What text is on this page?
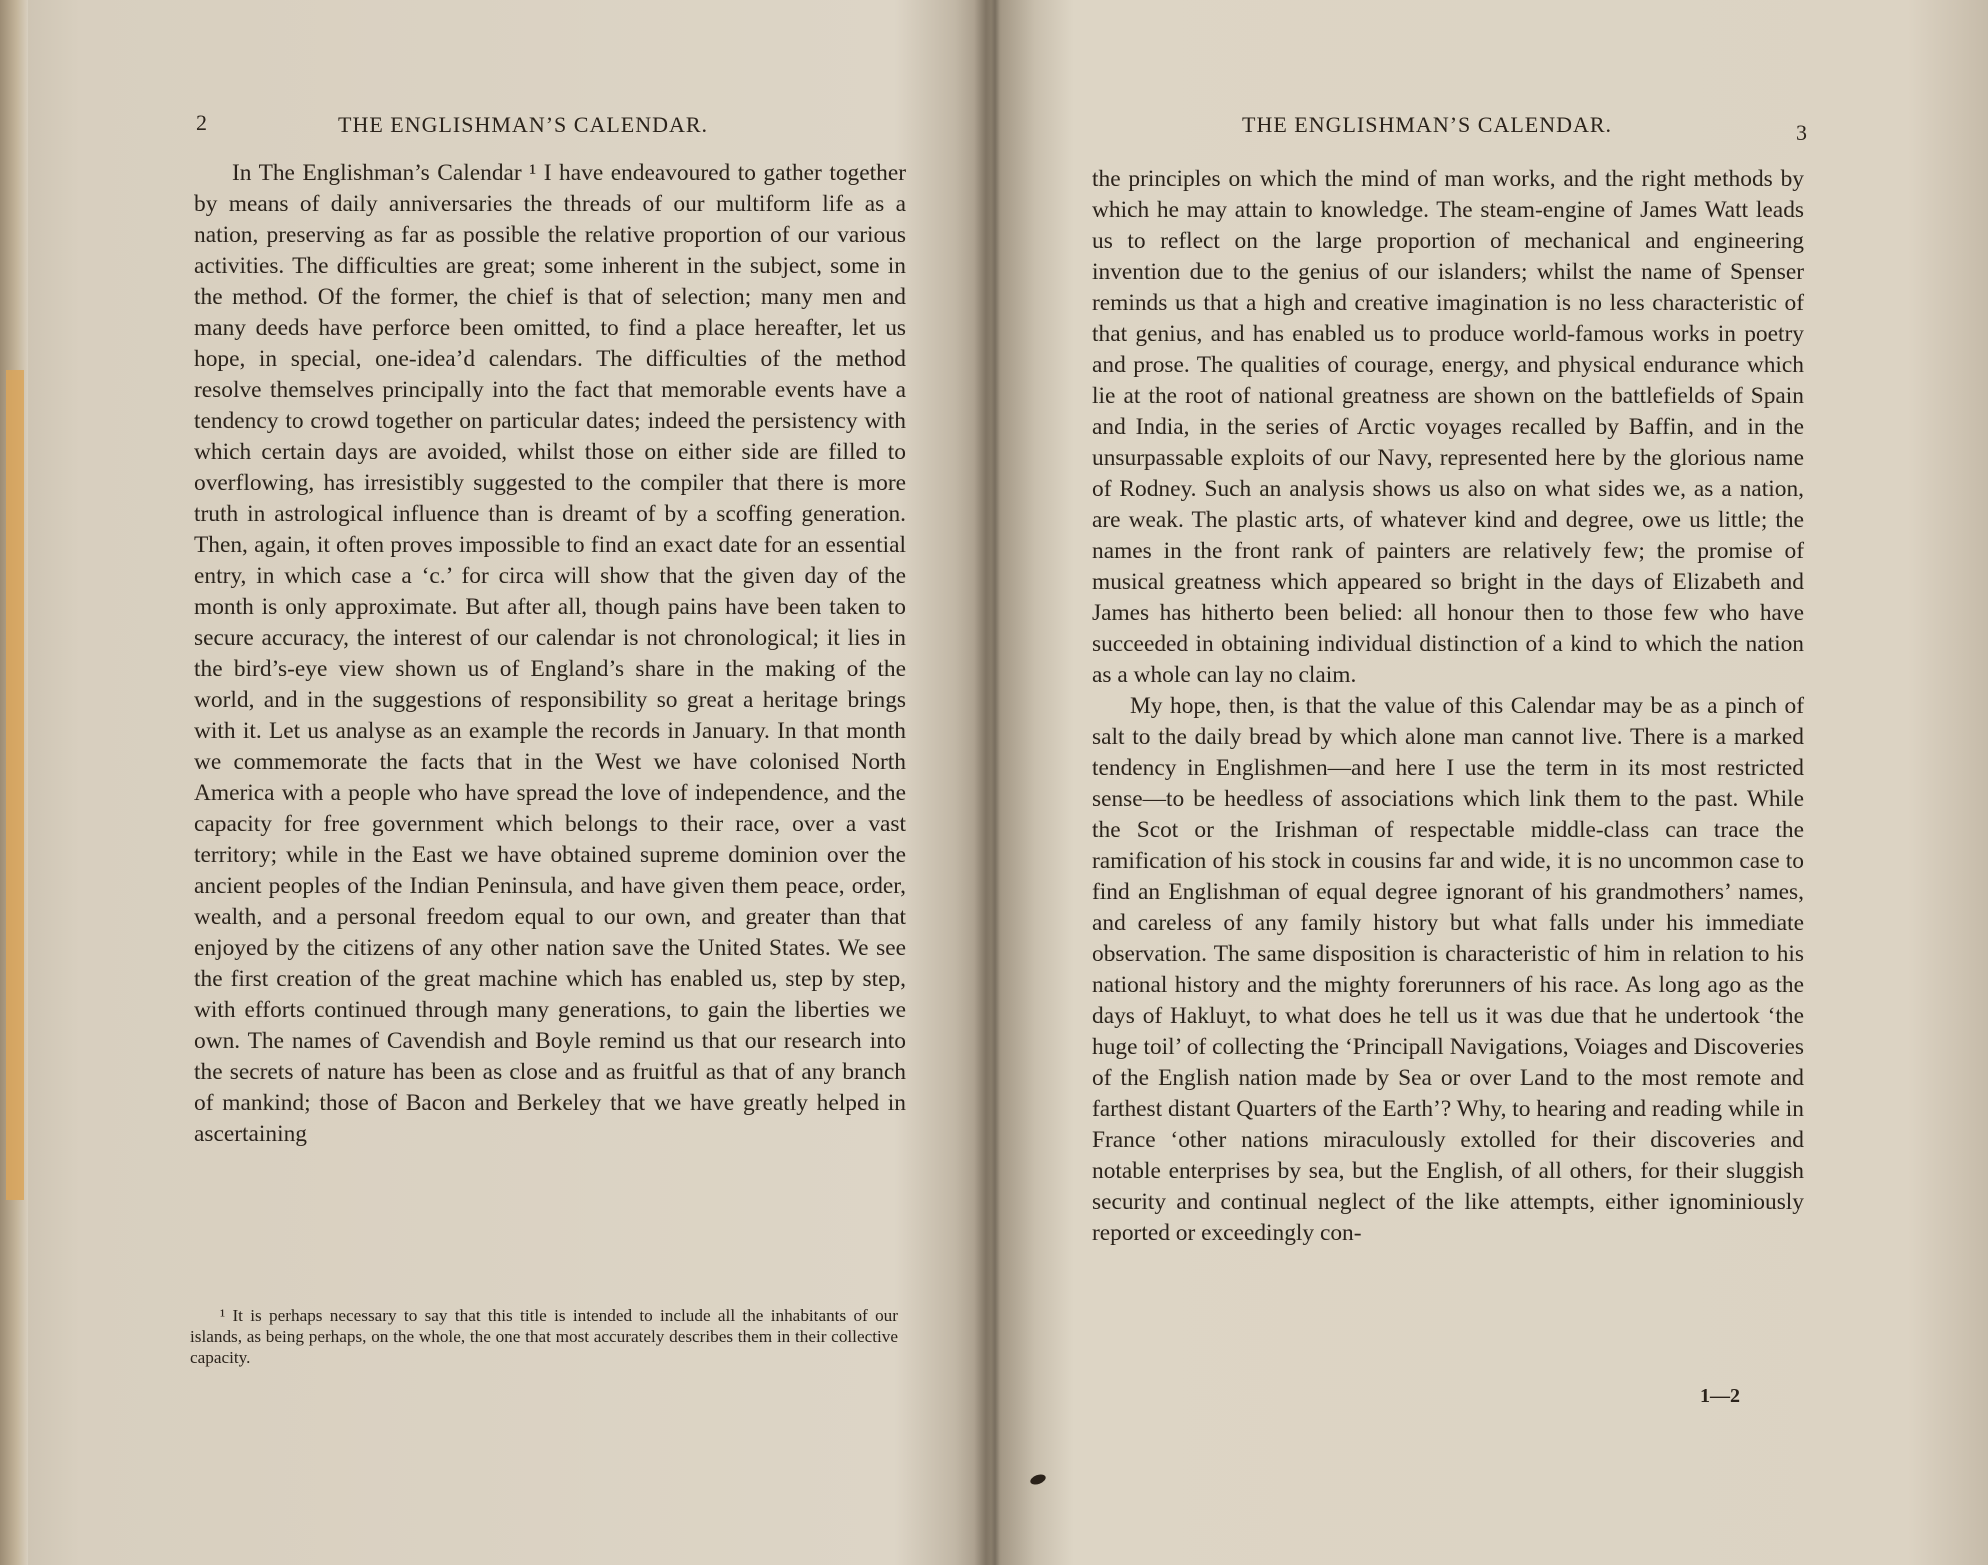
2	THE ENGLISHMAN’S CALENDAR.

In The Englishman’s Calendar ¹ I have endeavoured to gather together by means of daily anniversaries the threads of our multiform life as a nation, preserving as far as possible the relative proportion of our various activities. The difficulties are great; some inherent in the subject, some in the method. Of the former, the chief is that of selection; many men and many deeds have perforce been omitted, to find a place hereafter, let us hope, in special, one-idea’d calendars. The difficulties of the method resolve themselves principally into the fact that memorable events have a tendency to crowd together on particular dates; indeed the persistency with which certain days are avoided, whilst those on either side are filled to overflowing, has irresistibly suggested to the compiler that there is more truth in astrological influence than is dreamt of by a scoffing generation. Then, again, it often proves impossible to find an exact date for an essential entry, in which case a ‘c.’ for circa will show that the given day of the month is only approximate. But after all, though pains have been taken to secure accuracy, the interest of our calendar is not chronological; it lies in the bird’s-eye view shown us of England’s share in the making of the world, and in the suggestions of responsibility so great a heritage brings with it. Let us analyse as an example the records in January. In that month we commemorate the facts that in the West we have colonised North America with a people who have spread the love of independence, and the capacity for free government which belongs to their race, over a vast territory; while in the East we have obtained supreme dominion over the ancient peoples of the Indian Peninsula, and have given them peace, order, wealth, and a personal freedom equal to our own, and greater than that enjoyed by the citizens of any other nation save the United States. We see the first creation of the great machine which has enabled us, step by step, with efforts continued through many generations, to gain the liberties we own. The names of Cavendish and Boyle remind us that our research into the secrets of nature has been as close and as fruitful as that of any branch of mankind; those of Bacon and Berkeley that we have greatly helped in ascertaining

¹ It is perhaps necessary to say that this title is intended to include all the inhabitants of our islands, as being perhaps, on the whole, the one that most accurately describes them in their collective capacity.

THE ENGLISHMAN’S CALENDAR.	3

the principles on which the mind of man works, and the right methods by which he may attain to knowledge. The steam-engine of James Watt leads us to reflect on the large proportion of mechanical and engineering invention due to the genius of our islanders; whilst the name of Spenser reminds us that a high and creative imagination is no less characteristic of that genius, and has enabled us to produce world-famous works in poetry and prose. The qualities of courage, energy, and physical endurance which lie at the root of national greatness are shown on the battlefields of Spain and India, in the series of Arctic voyages recalled by Baffin, and in the unsurpassable exploits of our Navy, represented here by the glorious name of Rodney. Such an analysis shows us also on what sides we, as a nation, are weak. The plastic arts, of whatever kind and degree, owe us little; the names in the front rank of painters are relatively few; the promise of musical greatness which appeared so bright in the days of Elizabeth and James has hitherto been belied: all honour then to those few who have succeeded in obtaining individual distinction of a kind to which the nation as a whole can lay no claim.

My hope, then, is that the value of this Calendar may be as a pinch of salt to the daily bread by which alone man cannot live. There is a marked tendency in Englishmen—and here I use the term in its most restricted sense—to be heedless of associations which link them to the past. While the Scot or the Irishman of respectable middle-class can trace the ramification of his stock in cousins far and wide, it is no uncommon case to find an Englishman of equal degree ignorant of his grandmothers’ names, and careless of any family history but what falls under his immediate observation. The same disposition is characteristic of him in relation to his national history and the mighty forerunners of his race. As long ago as the days of Hakluyt, to what does he tell us it was due that he undertook ‘the huge toil’ of collecting the ‘Principall Navigations, Voiages and Discoveries of the English nation made by Sea or over Land to the most remote and farthest distant Quarters of the Earth’? Why, to hearing and reading while in France ‘other nations miraculously extolled for their discoveries and notable enterprises by sea, but the English, of all others, for their sluggish security and continual neglect of the like attempts, either ignominiously reported or exceedingly con-

1—2
